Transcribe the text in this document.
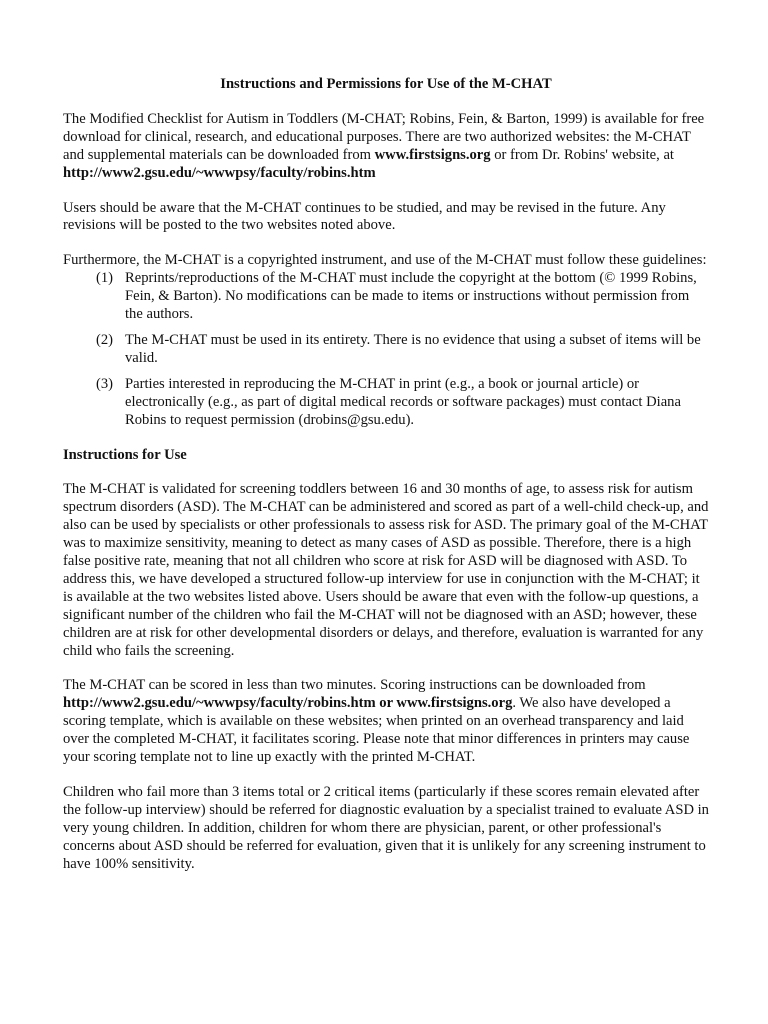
Instructions and Permissions for Use of the M-CHAT

The Modified Checklist for Autism in Toddlers (M-CHAT; Robins, Fein, & Barton, 1999) is available for free download for clinical, research, and educational purposes. There are two authorized websites: the M-CHAT and supplemental materials can be downloaded from www.firstsigns.org or from Dr. Robins' website, at http://www2.gsu.edu/~wwwpsy/faculty/robins.htm

Users should be aware that the M-CHAT continues to be studied, and may be revised in the future. Any revisions will be posted to the two websites noted above.

Furthermore, the M-CHAT is a copyrighted instrument, and use of the M-CHAT must follow these guidelines:

(1) Reprints/reproductions of the M-CHAT must include the copyright at the bottom (© 1999 Robins, Fein, & Barton). No modifications can be made to items or instructions without permission from the authors.
(2) The M-CHAT must be used in its entirety. There is no evidence that using a subset of items will be valid.
(3) Parties interested in reproducing the M-CHAT in print (e.g., a book or journal article) or electronically (e.g., as part of digital medical records or software packages) must contact Diana Robins to request permission (drobins@gsu.edu).
Instructions for Use

The M-CHAT is validated for screening toddlers between 16 and 30 months of age, to assess risk for autism spectrum disorders (ASD). The M-CHAT can be administered and scored as part of a well-child check-up, and also can be used by specialists or other professionals to assess risk for ASD. The primary goal of the M-CHAT was to maximize sensitivity, meaning to detect as many cases of ASD as possible. Therefore, there is a high false positive rate, meaning that not all children who score at risk for ASD will be diagnosed with ASD. To address this, we have developed a structured follow-up interview for use in conjunction with the M-CHAT; it is available at the two websites listed above. Users should be aware that even with the follow-up questions, a significant number of the children who fail the M-CHAT will not be diagnosed with an ASD; however, these children are at risk for other developmental disorders or delays, and therefore, evaluation is warranted for any child who fails the screening.

The M-CHAT can be scored in less than two minutes. Scoring instructions can be downloaded from http://www2.gsu.edu/~wwwpsy/faculty/robins.htm or www.firstsigns.org. We also have developed a scoring template, which is available on these websites; when printed on an overhead transparency and laid over the completed M-CHAT, it facilitates scoring. Please note that minor differences in printers may cause your scoring template not to line up exactly with the printed M-CHAT.

Children who fail more than 3 items total or 2 critical items (particularly if these scores remain elevated after the follow-up interview) should be referred for diagnostic evaluation by a specialist trained to evaluate ASD in very young children. In addition, children for whom there are physician, parent, or other professional's concerns about ASD should be referred for evaluation, given that it is unlikely for any screening instrument to have 100% sensitivity.
